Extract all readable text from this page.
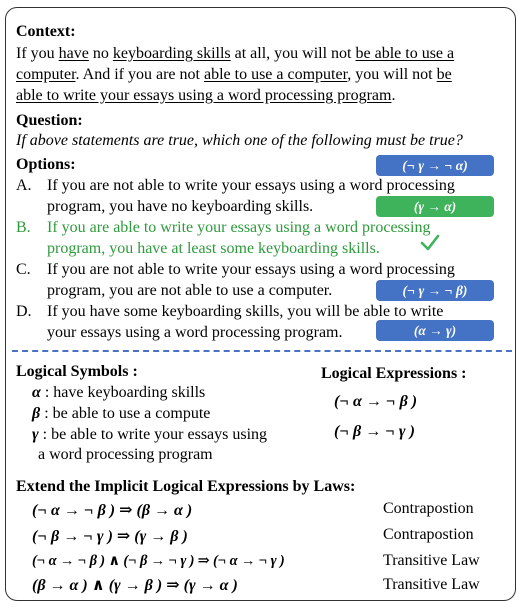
Context:
If you have no keyboarding skills at all, you will not be able to use a
computer. And if you are not able to use a computer, you will not be
able to write your essays using a word processing program.
Question:
If above statements are true, which one of the following must be true?
Options:
A. If you are not able to write your essays using a word processing
program, you have no keyboarding skills.
(¬ γ → ¬ α)
B. If you are able to write your essays using a word processing
program, you have at least some keyboarding skills.
(γ → α)
C. If you are not able to write your essays using a word processing
program, you are not able to use a computer.	(¬ γ → ¬ β)
D. If you have some keyboarding skills, you will be able to write
your essays using a word processing program.	(α → γ)
Logical Symbols :
α : have keyboarding skills
β : be able to use a compute
γ : be able to write your essays using
a word processing program
Logical Expressions :
(¬ α → ¬ β )
(¬ β → ¬ γ )
Extend the Implicit Logical Expressions by Laws:
(¬ α → ¬ β ) ⇒ (β → α )	Contrapostion
(¬ β → ¬ γ ) ⇒ (γ → β )	Contrapostion
(¬ α → ¬ β ) ∧ (¬ β → ¬ γ ) ⇒ (¬ α → ¬ γ )	Transitive Law
(β → α ) ∧ (γ → β ) ⇒ (γ → α )	Transitive Law
